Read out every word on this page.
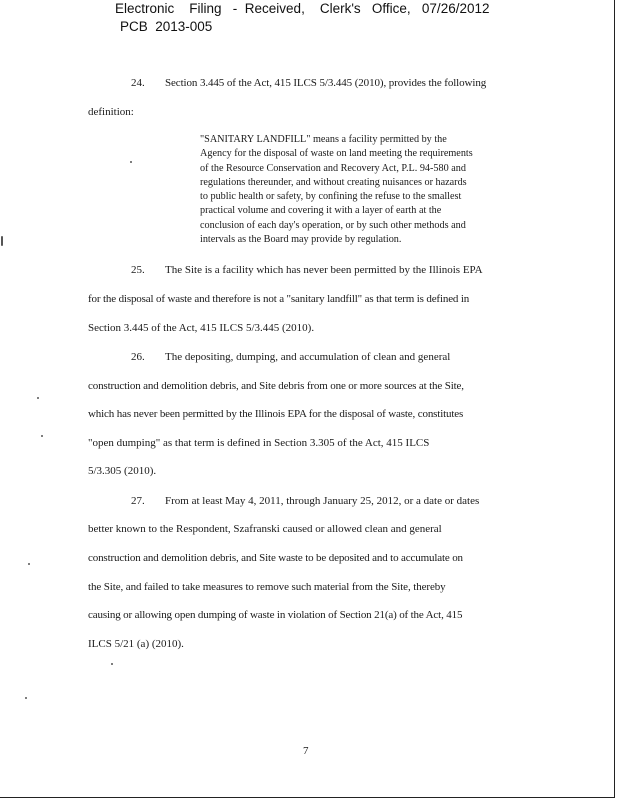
Electronic    Filing   -  Received,    Clerk's   Office,   07/26/2012

PCB  2013-005

24. Section 3.445 of the Act, 415 ILCS 5/3.445 (2010), provides the following
definition:
"SANITARY LANDFILL" means a facility permitted by the
Agency for the disposal of waste on land meeting the requirements
of the Resource Conservation and Recovery Act, P.L. 94-580 and
regulations thereunder, and without creating nuisances or hazards
to public health or safety, by confining the refuse to the smallest
practical volume and covering it with a layer of earth at the
conclusion of each day's operation, or by such other methods and
intervals as the Board may provide by regulation.
25. The Site is a facility which has never been permitted by the Illinois EPA
for the disposal of waste and therefore is not a "sanitary landfill" as that term is defined in
Section 3.445 of the Act, 415 ILCS 5/3.445 (2010).
26. The depositing, dumping, and accumulation of clean and general
construction and demolition debris, and Site debris from one or more sources at the Site,
which has never been permitted by the Illinois EPA for the disposal of waste, constitutes
"open dumping" as that term is defined in Section 3.305 of the Act, 415 ILCS
5/3.305 (2010).
27. From at least May 4, 2011, through January 25, 2012, or a date or dates
better known to the Respondent, Szafranski caused or allowed clean and general
construction and demolition debris, and Site waste to be deposited and to accumulate on
the Site, and failed to take measures to remove such material from the Site, thereby
causing or allowing open dumping of waste in violation of Section 21(a) of the Act, 415
ILCS 5/21 (a) (2010).
7
